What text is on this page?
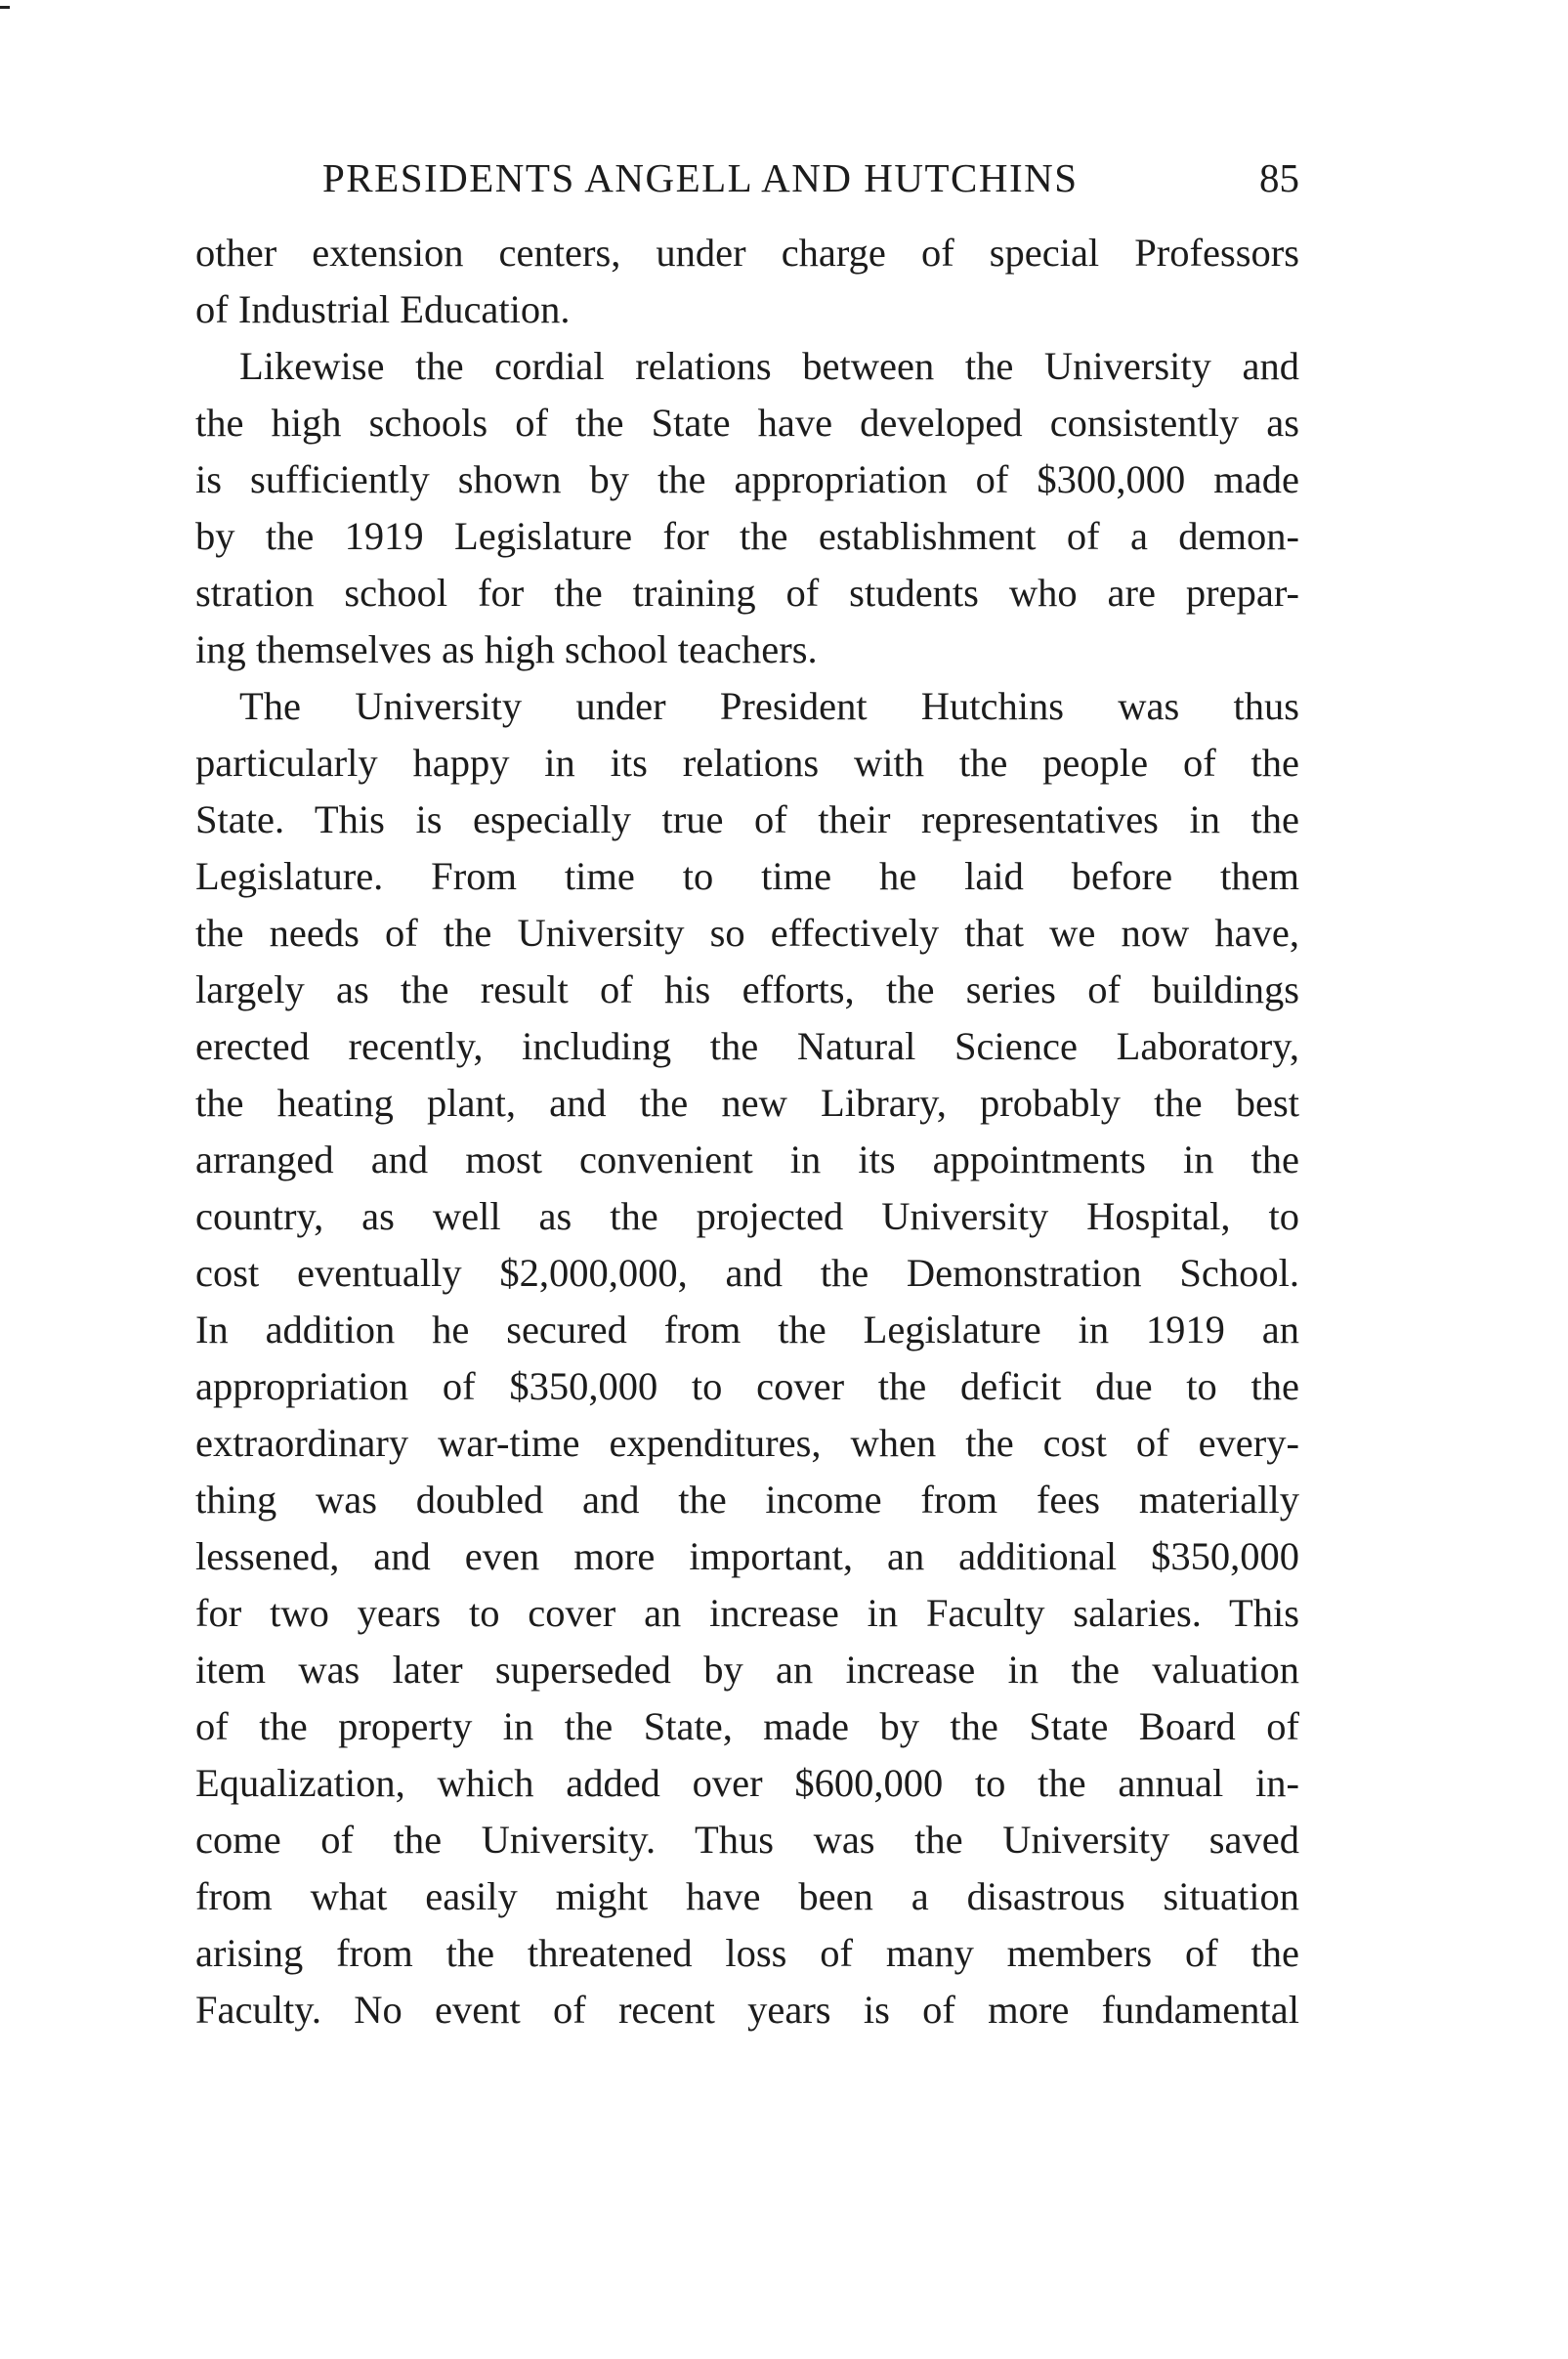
PRESIDENTS ANGELL AND HUTCHINS	85
other extension centers, under charge of special Professors
of Industrial Education.
Likewise the cordial relations between the University and
the high schools of the State have developed consistently as
is sufficiently shown by the appropriation of $300,000 made
by the 1919 Legislature for the establishment of a demon-
stration school for the training of students who are prepar-
ing themselves as high school teachers.
The University under President Hutchins was thus
particularly happy in its relations with the people of the
State. This is especially true of their representatives in the
Legislature. From time to time he laid before them
the needs of the University so effectively that we now have,
largely as the result of his efforts, the series of buildings
erected recently, including the Natural Science Laboratory,
the heating plant, and the new Library, probably the best
arranged and most convenient in its appointments in the
country, as well as the projected University Hospital, to
cost eventually $2,000,000, and the Demonstration School.
In addition he secured from the Legislature in 1919 an
appropriation of $350,000 to cover the deficit due to the
extraordinary war-time expenditures, when the cost of every-
thing was doubled and the income from fees materially
lessened, and even more important, an additional $350,000
for two years to cover an increase in Faculty salaries. This
item was later superseded by an increase in the valuation
of the property in the State, made by the State Board of
Equalization, which added over $600,000 to the annual in-
come of the University. Thus was the University saved
from what easily might have been a disastrous situation
arising from the threatened loss of many members of the
Faculty. No event of recent years is of more fundamental
